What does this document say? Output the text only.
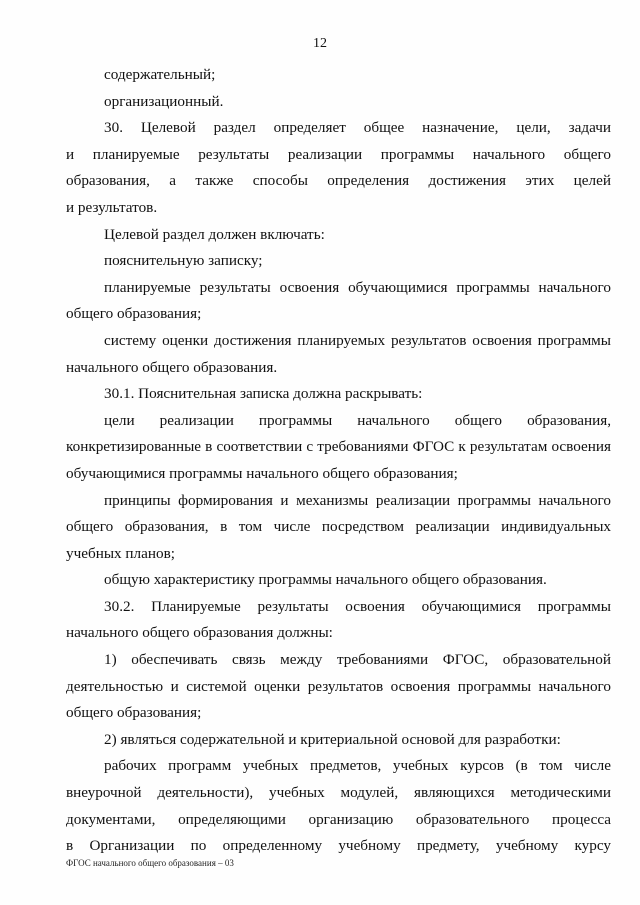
12
содержательный;
организационный.
30. Целевой раздел определяет общее назначение, цели, задачи
и планируемые результаты реализации программы начального общего
образования, а также способы определения достижения этих целей
и результатов.
Целевой раздел должен включать:
пояснительную записку;
планируемые результаты освоения обучающимися программы начального
общего образования;
систему оценки достижения планируемых результатов освоения программы
начального общего образования.
30.1. Пояснительная записка должна раскрывать:
цели реализации программы начального общего образования,
конкретизированные в соответствии с требованиями ФГОС к результатам освоения
обучающимися программы начального общего образования;
принципы формирования и механизмы реализации программы начального
общего образования, в том числе посредством реализации индивидуальных
учебных планов;
общую характеристику программы начального общего образования.
30.2. Планируемые результаты освоения обучающимися программы
начального общего образования должны:
1) обеспечивать связь между требованиями ФГОС, образовательной
деятельностью и системой оценки результатов освоения программы начального
общего образования;
2) являться содержательной и критериальной основой для разработки:
рабочих программ учебных предметов, учебных курсов (в том числе
внеурочной деятельности), учебных модулей, являющихся методическими
документами, определяющими организацию образовательного процесса
в Организации по определенному учебному предмету, учебному курсу
ФГОС начального общего образования – 03
